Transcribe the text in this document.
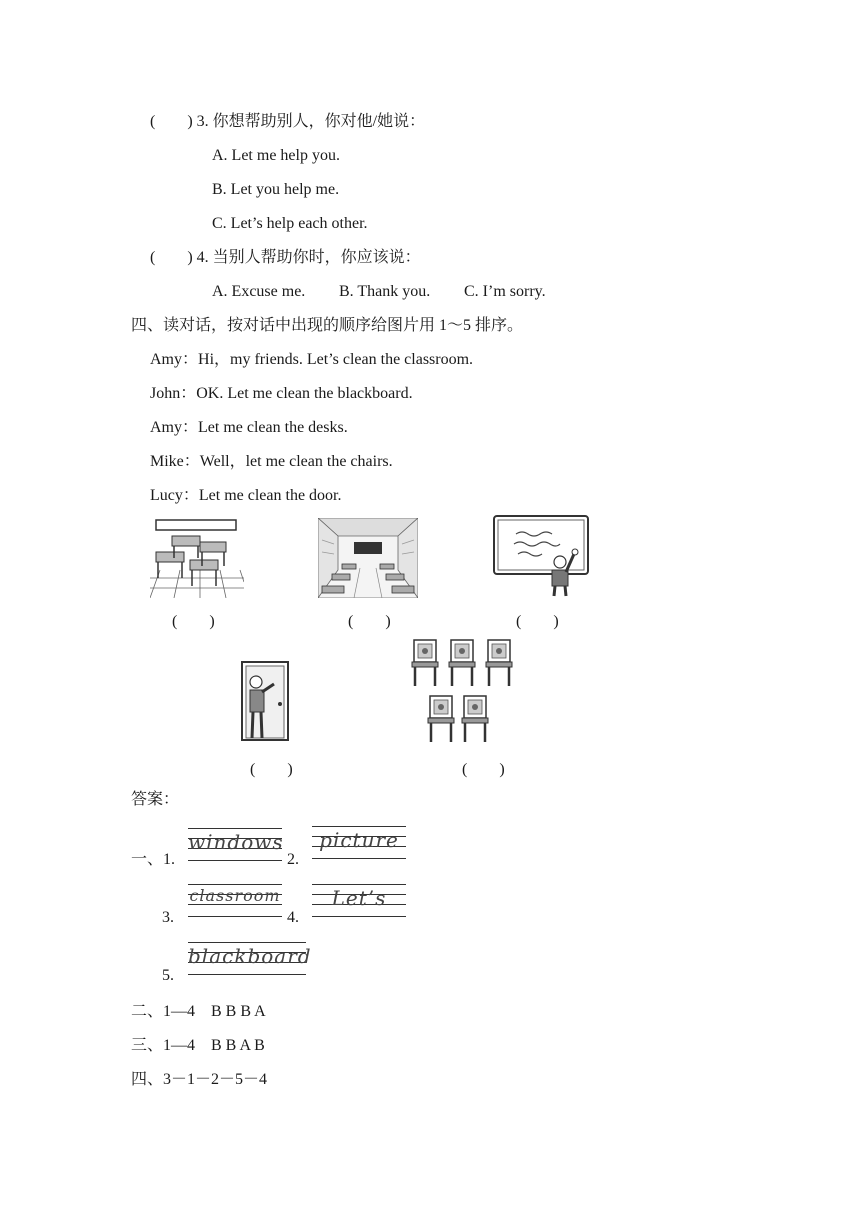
(　　) 3. 你想帮助别人，你对他/她说：
A. Let me help you.
B. Let you help me.
C. Let’s help each other.
(　　) 4. 当别人帮助你时，你应该说：
A. Excuse me. B. Thank you. C. I’m sorry.
四、读对话，按对话中出现的顺序给图片用 1～5 排序。
Amy：Hi，my friends. Let’s clean the classroom.
John：OK. Let me clean the blackboard.
Amy：Let me clean the desks.
Mike：Well，let me clean the chairs.
Lucy：Let me clean the door.
(　　)	(　　)	(　　)
(　　)	(　　)
答案：
一、1.
windows
2.
picture
3.
classroom
4.
Let’s
5.
blackboard
二、1—4　B B B A
三、1—4　B B A B
四、3－1－2－5－4
